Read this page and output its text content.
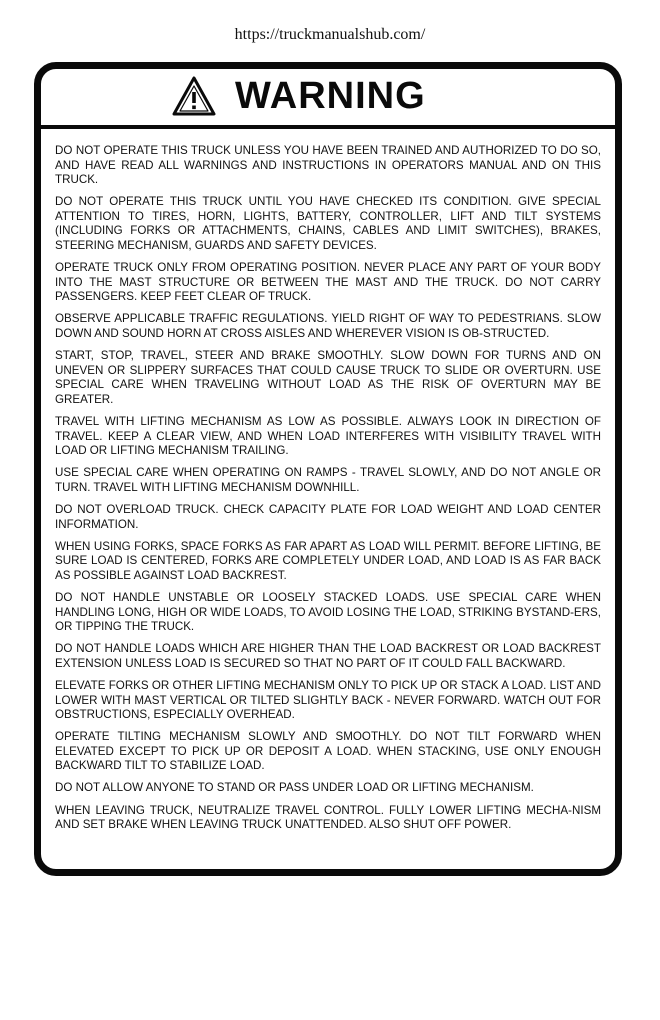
https://truckmanualshub.com/
WARNING

DO NOT OPERATE THIS TRUCK UNLESS YOU HAVE BEEN TRAINED AND AUTHORIZED TO DO SO, AND HAVE READ ALL WARNINGS AND INSTRUCTIONS IN OPERATORS MANUAL AND ON THIS TRUCK.

DO NOT OPERATE THIS TRUCK UNTIL YOU HAVE CHECKED ITS CONDITION. GIVE SPECIAL ATTENTION TO TIRES, HORN, LIGHTS, BATTERY, CONTROLLER, LIFT AND TILT SYSTEMS (INCLUDING FORKS OR ATTACHMENTS, CHAINS, CABLES AND LIMIT SWITCHES), BRAKES, STEERING MECHANISM, GUARDS AND SAFETY DEVICES.

OPERATE TRUCK ONLY FROM OPERATING POSITION. NEVER PLACE ANY PART OF YOUR BODY INTO THE MAST STRUCTURE OR BETWEEN THE MAST AND THE TRUCK. DO NOT CARRY PASSENGERS. KEEP FEET CLEAR OF TRUCK.

OBSERVE APPLICABLE TRAFFIC REGULATIONS. YIELD RIGHT OF WAY TO PEDESTRIANS. SLOW DOWN AND SOUND HORN AT CROSS AISLES AND WHEREVER VISION IS OB-STRUCTED.

START, STOP, TRAVEL, STEER AND BRAKE SMOOTHLY. SLOW DOWN FOR TURNS AND ON UNEVEN OR SLIPPERY SURFACES THAT COULD CAUSE TRUCK TO SLIDE OR OVERTURN. USE SPECIAL CARE WHEN TRAVELING WITHOUT LOAD AS THE RISK OF OVERTURN MAY BE GREATER.

TRAVEL WITH LIFTING MECHANISM AS LOW AS POSSIBLE. ALWAYS LOOK IN DIRECTION OF TRAVEL. KEEP A CLEAR VIEW, AND WHEN LOAD INTERFERES WITH VISIBILITY TRAVEL WITH LOAD OR LIFTING MECHANISM TRAILING.

USE SPECIAL CARE WHEN OPERATING ON RAMPS - TRAVEL SLOWLY, AND DO NOT ANGLE OR TURN. TRAVEL WITH LIFTING MECHANISM DOWNHILL.

DO NOT OVERLOAD TRUCK. CHECK CAPACITY PLATE FOR LOAD WEIGHT AND LOAD CENTER INFORMATION.

WHEN USING FORKS, SPACE FORKS AS FAR APART AS LOAD WILL PERMIT. BEFORE LIFTING, BE SURE LOAD IS CENTERED, FORKS ARE COMPLETELY UNDER LOAD, AND LOAD IS AS FAR BACK AS POSSIBLE AGAINST LOAD BACKREST.

DO NOT HANDLE UNSTABLE OR LOOSELY STACKED LOADS. USE SPECIAL CARE WHEN HANDLING LONG, HIGH OR WIDE LOADS, TO AVOID LOSING THE LOAD, STRIKING BYSTAND-ERS, OR TIPPING THE TRUCK.

DO NOT HANDLE LOADS WHICH ARE HIGHER THAN THE LOAD BACKREST OR LOAD BACKREST EXTENSION UNLESS LOAD IS SECURED SO THAT NO PART OF IT COULD FALL BACKWARD.

ELEVATE FORKS OR OTHER LIFTING MECHANISM ONLY TO PICK UP OR STACK A LOAD. LIST AND LOWER WITH MAST VERTICAL OR TILTED SLIGHTLY BACK - NEVER FORWARD. WATCH OUT FOR OBSTRUCTIONS, ESPECIALLY OVERHEAD.

OPERATE TILTING MECHANISM SLOWLY AND SMOOTHLY. DO NOT TILT FORWARD WHEN ELEVATED EXCEPT TO PICK UP OR DEPOSIT A LOAD. WHEN STACKING, USE ONLY ENOUGH BACKWARD TILT TO STABILIZE LOAD.

DO NOT ALLOW ANYONE TO STAND OR PASS UNDER LOAD OR LIFTING MECHANISM.

WHEN LEAVING TRUCK, NEUTRALIZE TRAVEL CONTROL. FULLY LOWER LIFTING MECHA-NISM AND SET BRAKE WHEN LEAVING TRUCK UNATTENDED. ALSO SHUT OFF POWER.
